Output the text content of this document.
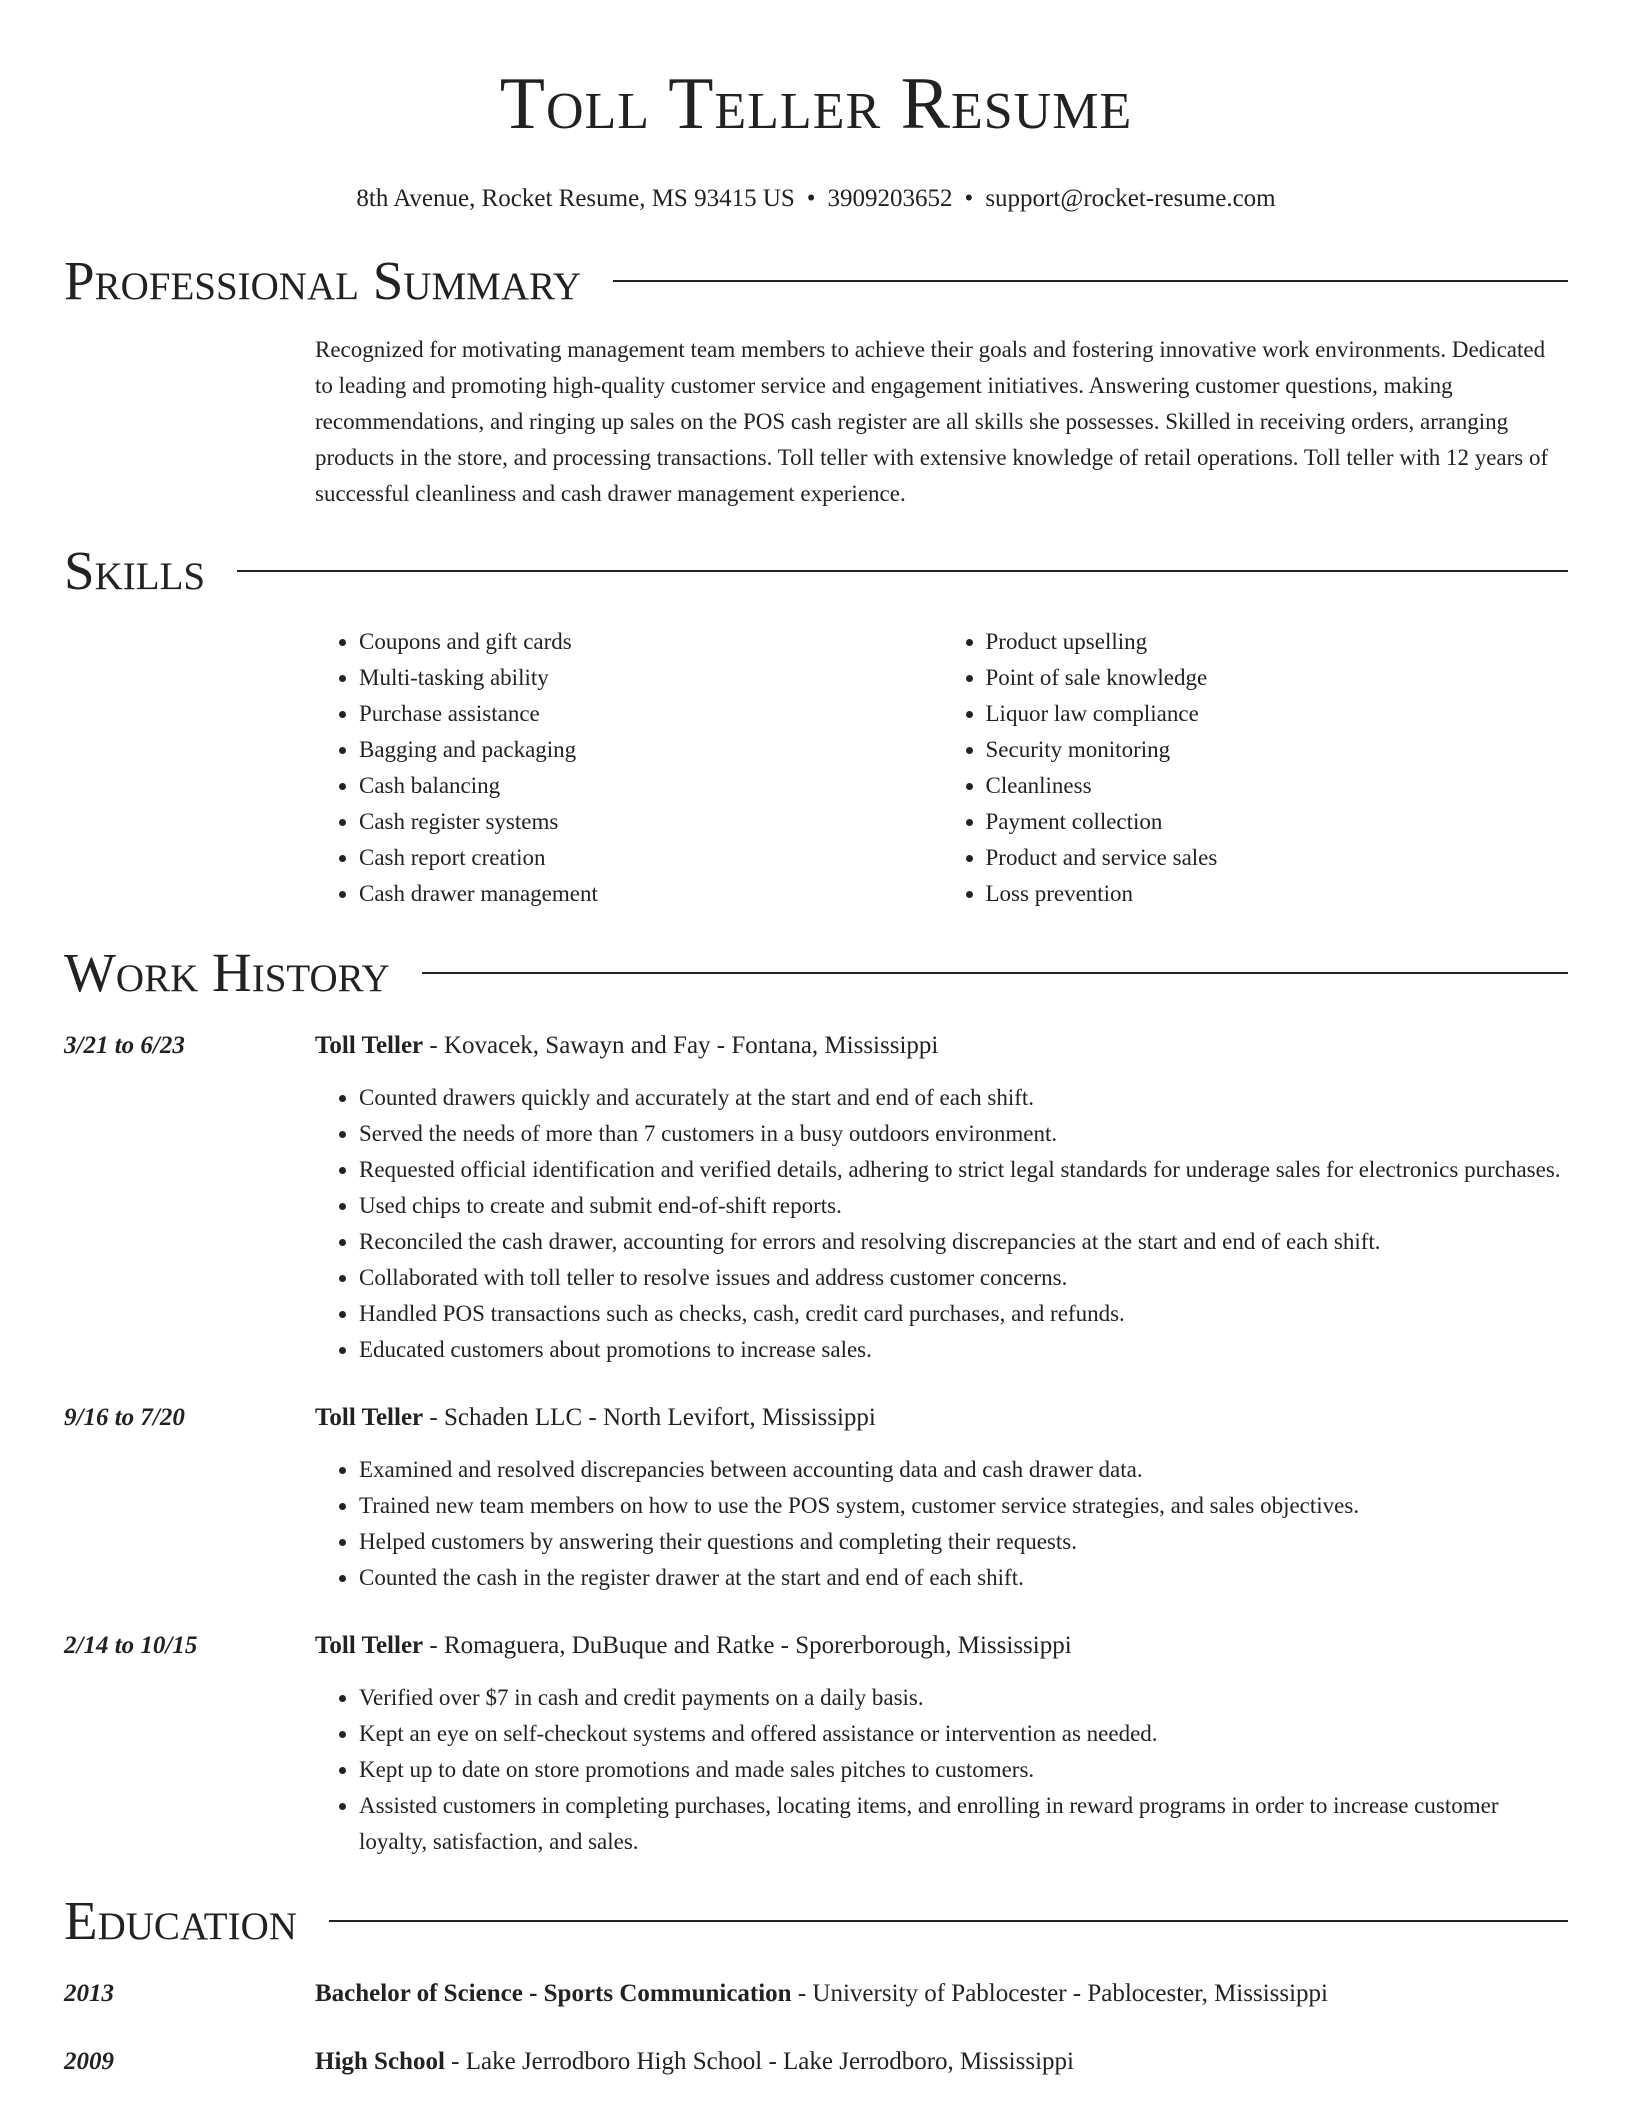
Toll Teller Resume
8th Avenue, Rocket Resume, MS 93415 US • 3909203652 • support@rocket-resume.com
Professional Summary
Recognized for motivating management team members to achieve their goals and fostering innovative work environments. Dedicated to leading and promoting high-quality customer service and engagement initiatives. Answering customer questions, making recommendations, and ringing up sales on the POS cash register are all skills she possesses. Skilled in receiving orders, arranging products in the store, and processing transactions. Toll teller with extensive knowledge of retail operations. Toll teller with 12 years of successful cleanliness and cash drawer management experience.
Skills
• Coupons and gift cards
• Multi-tasking ability
• Purchase assistance
• Bagging and packaging
• Cash balancing
• Cash register systems
• Cash report creation
• Cash drawer management
• Product upselling
• Point of sale knowledge
• Liquor law compliance
• Security monitoring
• Cleanliness
• Payment collection
• Product and service sales
• Loss prevention
Work History
3/21 to 6/23	Toll Teller - Kovacek, Sawayn and Fay - Fontana, Mississippi
• Counted drawers quickly and accurately at the start and end of each shift.
• Served the needs of more than 7 customers in a busy outdoors environment.
• Requested official identification and verified details, adhering to strict legal standards for underage sales for electronics purchases.
• Used chips to create and submit end-of-shift reports.
• Reconciled the cash drawer, accounting for errors and resolving discrepancies at the start and end of each shift.
• Collaborated with toll teller to resolve issues and address customer concerns.
• Handled POS transactions such as checks, cash, credit card purchases, and refunds.
• Educated customers about promotions to increase sales.
9/16 to 7/20	Toll Teller - Schaden LLC - North Levifort, Mississippi
• Examined and resolved discrepancies between accounting data and cash drawer data.
• Trained new team members on how to use the POS system, customer service strategies, and sales objectives.
• Helped customers by answering their questions and completing their requests.
• Counted the cash in the register drawer at the start and end of each shift.
2/14 to 10/15	Toll Teller - Romaguera, DuBuque and Ratke - Sporerborough, Mississippi
• Verified over $7 in cash and credit payments on a daily basis.
• Kept an eye on self-checkout systems and offered assistance or intervention as needed.
• Kept up to date on store promotions and made sales pitches to customers.
• Assisted customers in completing purchases, locating items, and enrolling in reward programs in order to increase customer loyalty, satisfaction, and sales.
Education
2013	Bachelor of Science - Sports Communication - University of Pablocester - Pablocester, Mississippi
2009	High School - Lake Jerrodboro High School - Lake Jerrodboro, Mississippi
